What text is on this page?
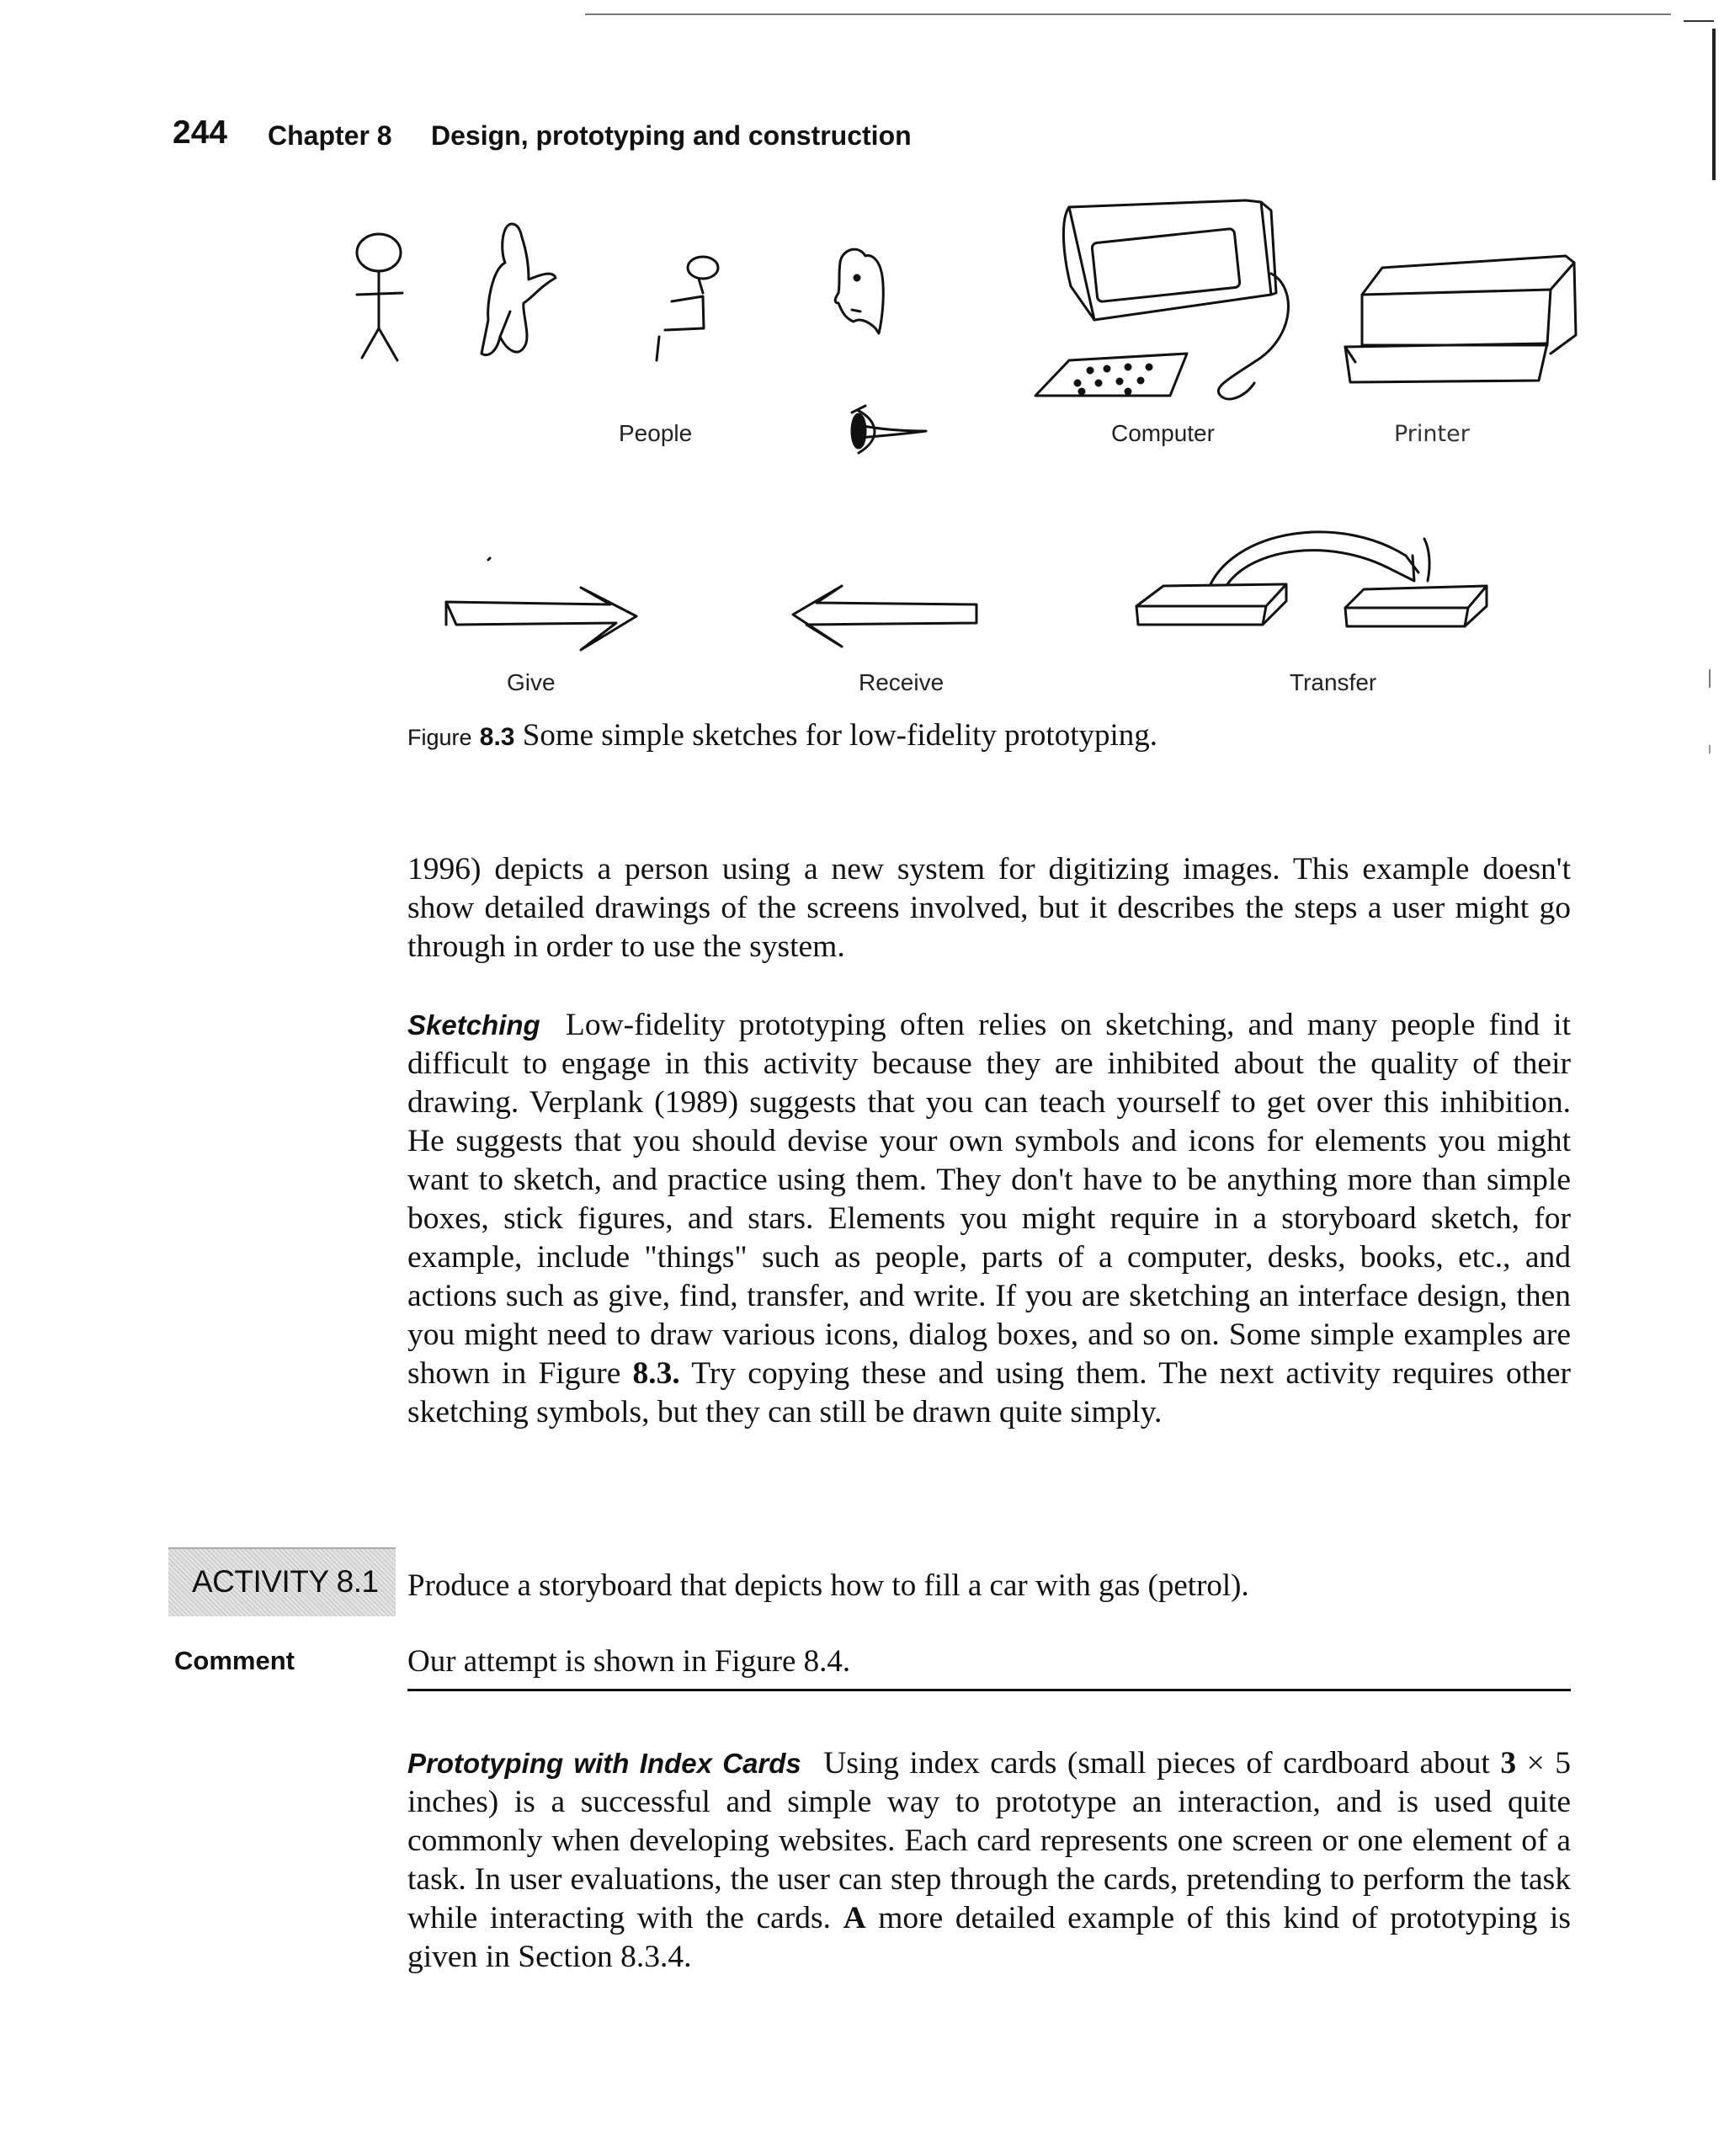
244 Chapter 8 Design, prototyping and construction
People	Computer	Printer
Give	Receive	Transfer
Figure 8.3 Some simple sketches for low-fidelity prototyping.
1996) depicts a person using a new system for digitizing images. This example doesn't show detailed drawings of the screens involved, but it describes the steps a user might go through in order to use the system.
Sketching Low-fidelity prototyping often relies on sketching, and many people find it difficult to engage in this activity because they are inhibited about the quality of their drawing. Verplank (1989) suggests that you can teach yourself to get over this inhibition. He suggests that you should devise your own symbols and icons for elements you might want to sketch, and practice using them. They don't have to be anything more than simple boxes, stick figures, and stars. Elements you might require in a storyboard sketch, for example, include "things" such as people, parts of a computer, desks, books, etc., and actions such as give, find, transfer, and write. If you are sketching an interface design, then you might need to draw various icons, dialog boxes, and so on. Some simple examples are shown in Figure 8.3. Try copying these and using them. The next activity requires other sketching symbols, but they can still be drawn quite simply.
ACTIVITY 8.1 Produce a storyboard that depicts how to fill a car with gas (petrol).
Comment	Our attempt is shown in Figure 8.4.
Prototyping with Index Cards Using index cards (small pieces of cardboard about 3 × 5 inches) is a successful and simple way to prototype an interaction, and is used quite commonly when developing websites. Each card represents one screen or one element of a task. In user evaluations, the user can step through the cards, pretending to perform the task while interacting with the cards. A more detailed example of this kind of prototyping is given in Section 8.3.4.
